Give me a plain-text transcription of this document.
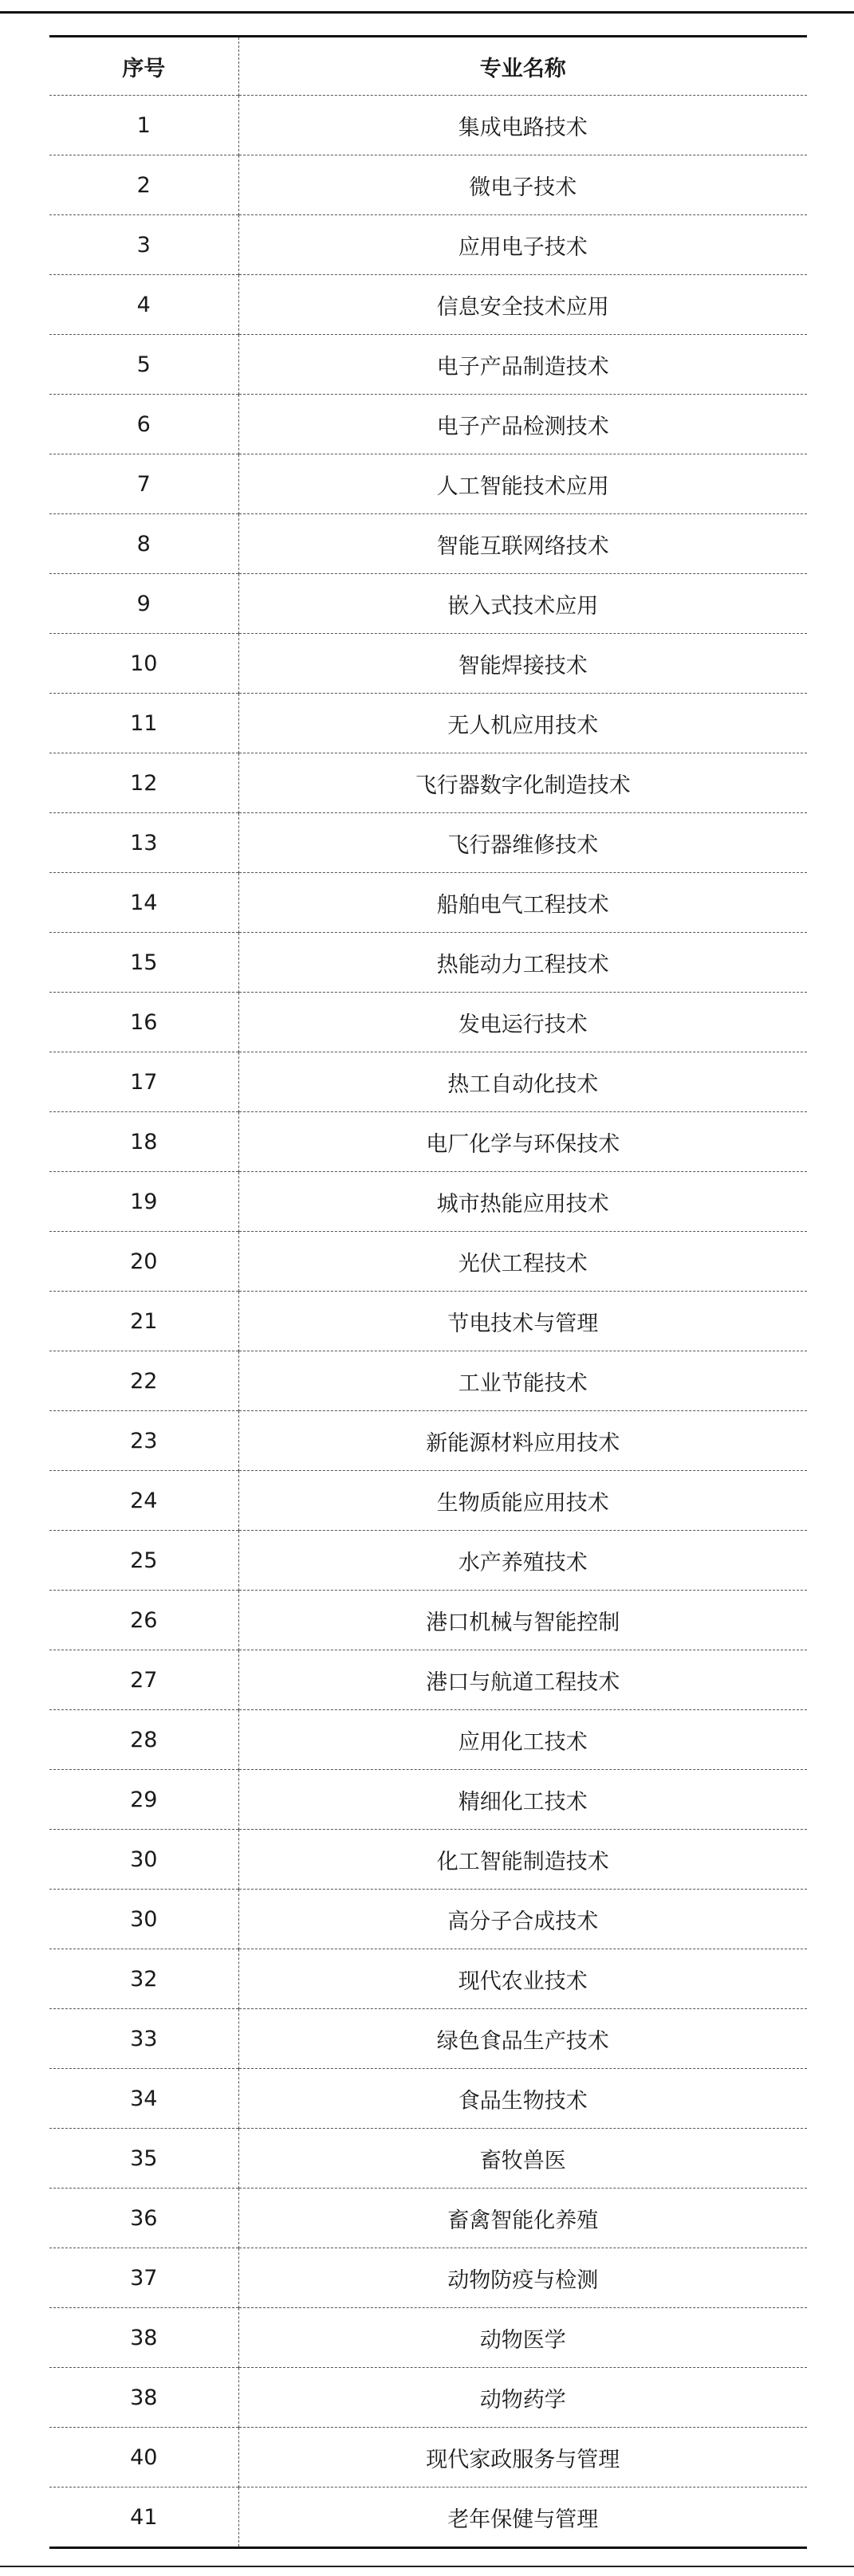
序号	专业名称
1	集成电路技术
2	微电子技术
3	应用电子技术
4	信息安全技术应用
5	电子产品制造技术
6	电子产品检测技术
7	人工智能技术应用
8	智能互联网络技术
9	嵌入式技术应用
10	智能焊接技术
11	无人机应用技术
12	飞行器数字化制造技术
13	飞行器维修技术
14	船舶电气工程技术
15	热能动力工程技术
16	发电运行技术
17	热工自动化技术
18	电厂化学与环保技术
19	城市热能应用技术
20	光伏工程技术
21	节电技术与管理
22	工业节能技术
23	新能源材料应用技术
24	生物质能应用技术
25	水产养殖技术
26	港口机械与智能控制
27	港口与航道工程技术
28	应用化工技术
29	精细化工技术
30	化工智能制造技术
30	高分子合成技术
32	现代农业技术
33	绿色食品生产技术
34	食品生物技术
35	畜牧兽医
36	畜禽智能化养殖
37	动物防疫与检测
38	动物医学
38	动物药学
40	现代家政服务与管理
41	老年保健与管理
